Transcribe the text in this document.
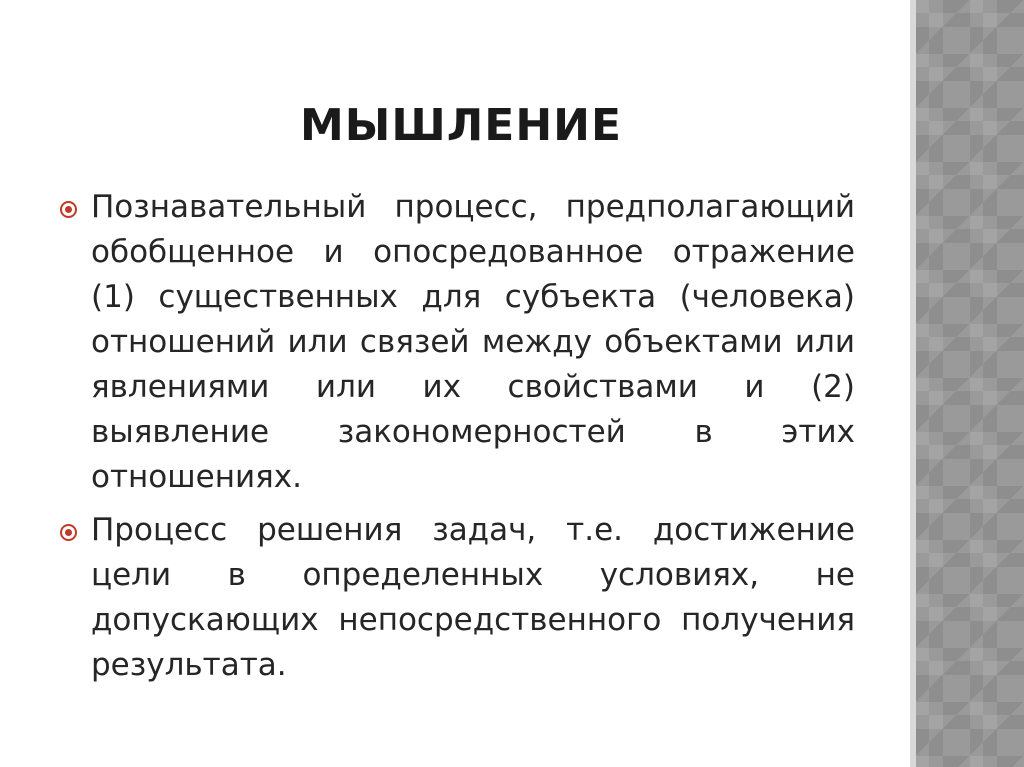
МЫШЛЕНИЕ
Познавательный процесс, предполагающий обобщенное и опосредованное отражение (1) существенных для субъекта (человека) отношений или связей между объектами или явлениями или их свойствами и (2) выявление закономерностей в этих отношениях.
Процесс решения задач, т.е. достижение цели в определенных условиях, не допускающих непосредственного получения результата.
